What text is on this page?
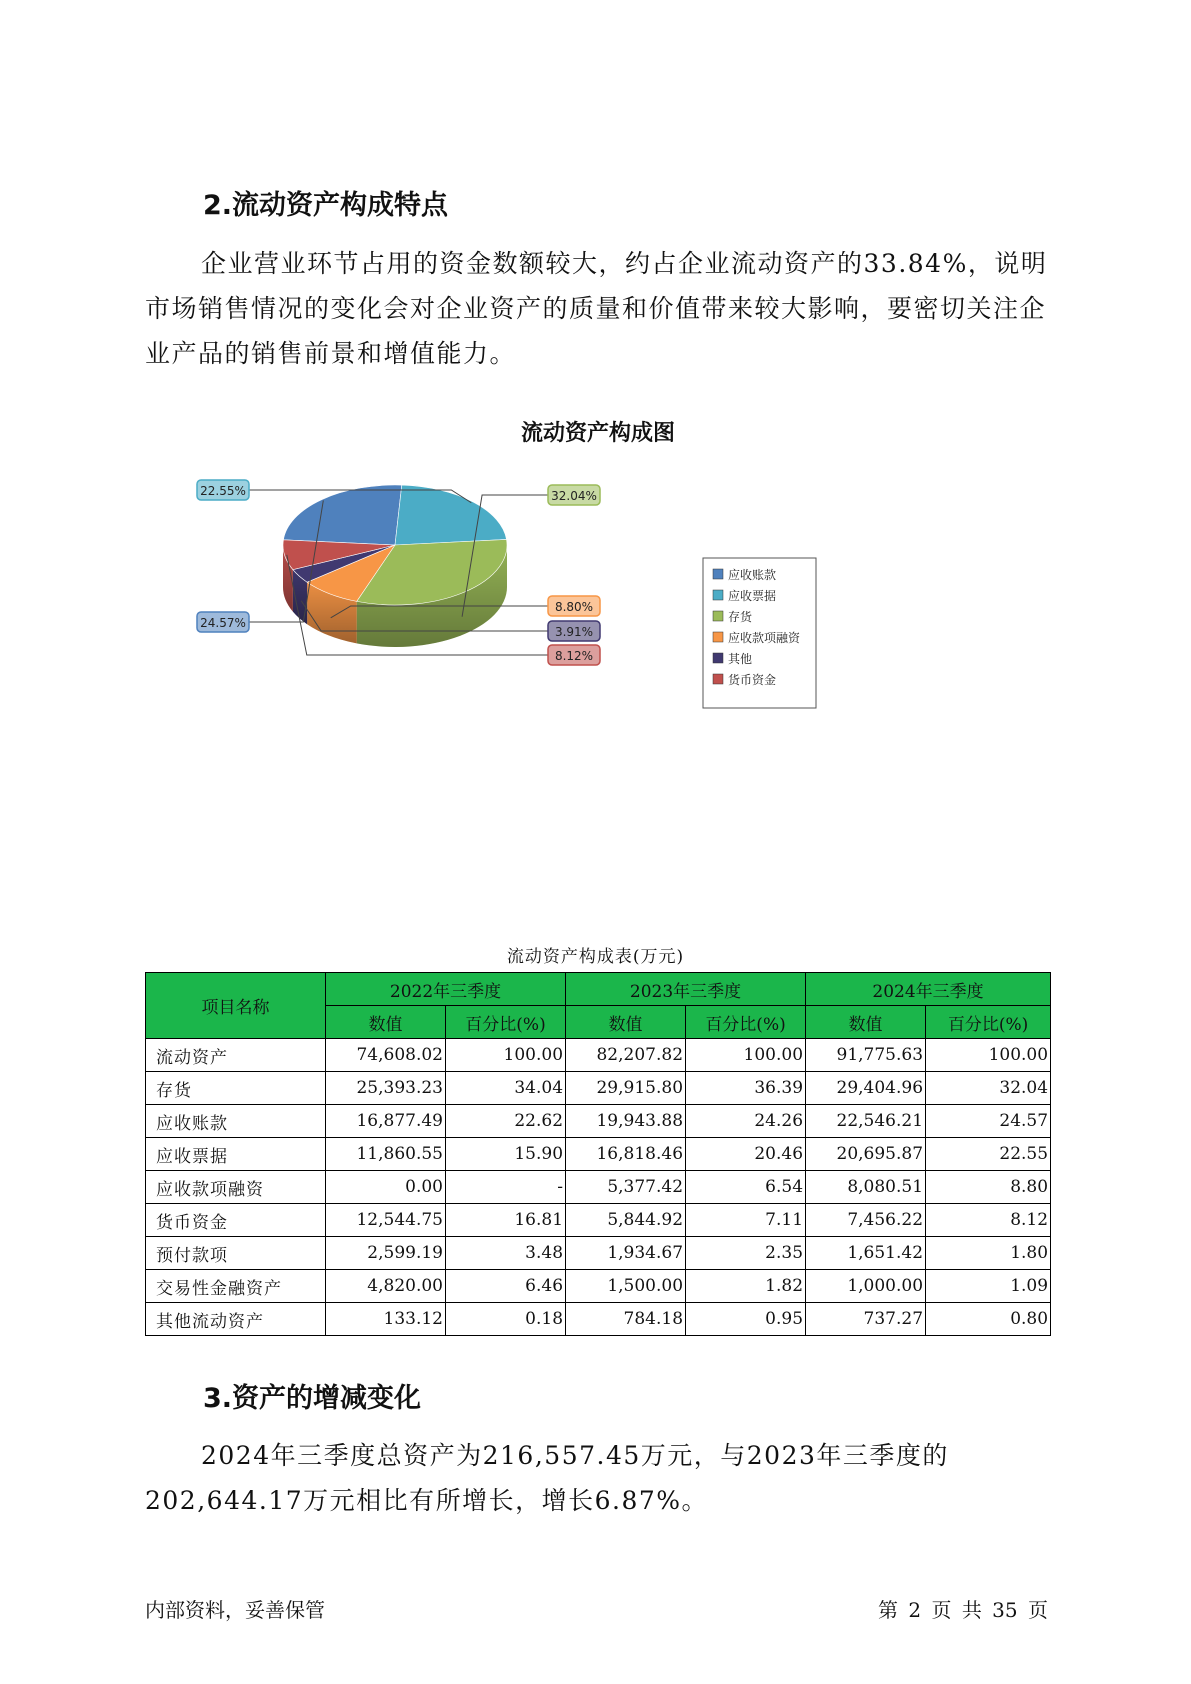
2.流动资产构成特点

企业营业环节占用的资金数额较大，约占企业流动资产的33.84%，说明市场销售情况的变化会对企业资产的质量和价值带来较大影响，要密切关注企业产品的销售前景和增值能力。

流动资产构成图
24.57%
22.55%	32.04%
8.80%
3.91%
8.12%
应收账款
应收票据
存货
应收款项融资
其他
货币资金
流动资产构成表(万元)
项目名称	2022年三季度		2023年三季度		2024年三季度	
	数值	百分比(%)	数值	百分比(%)	数值	百分比(%)
流动资产	74,608.02	100.00	82,207.82	100.00	91,775.63	100.00
存货	25,393.23	34.04	29,915.80	36.39	29,404.96	32.04
应收账款	16,877.49	22.62	19,943.88	24.26	22,546.21	24.57
应收票据	11,860.55	15.90	16,818.46	20.46	20,695.87	22.55
应收款项融资	0.00	-	5,377.42	6.54	8,080.51	8.80
货币资金	12,544.75	16.81	5,844.92	7.11	7,456.22	8.12
预付款项	2,599.19	3.48	1,934.67	2.35	1,651.42	1.80
交易性金融资产	4,820.00	6.46	1,500.00	1.82	1,000.00	1.09
其他流动资产	133.12	0.18	784.18	0.95	737.27	0.80
3.资产的增减变化

2024年三季度总资产为216,557.45万元，与2023年三季度的202,644.17万元相比有所增长，增长6.87%。

内部资料，妥善保管	第 2 页 共 35 页
